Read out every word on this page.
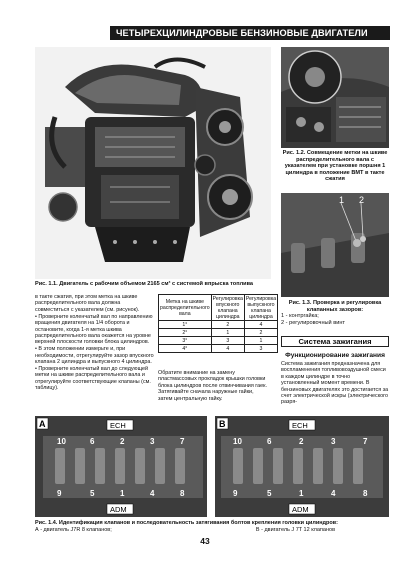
ЧЕТЫРЕХЦИЛИНДРОВЫЕ БЕНЗИНОВЫЕ ДВИГАТЕЛИ
Рис. 1.1. Двигатель с рабочим объемом 2165 см³ с системой впрыска топлива
Рис. 1.2. Совмещение метки на шкиве распределительного вала с указателем при установке поршня 1 цилиндра в положение ВМТ в такте сжатия
1 2
Рис. 1.3. Проверка и регулировка клапанных зазоров:
1 - контргайка;
2 - регулировочный винт

в такте сжатия, при этом метка на шкиве распределительного вала должна совместиться с указателем (см. рисунок).

• Проверните коленчатый вал по направлению вращения двигателя на 1/4 оборота и остановите, когда 1-я метка шкива распределительного вала окажется на уровне верхней плоскости головки блока цилиндров.

• В этом положении измерьте и, при необходимости, отрегулируйте зазор впускного клапана 2 цилиндра и выпускного 4 цилиндра.

• Проверните коленчатый вал до следующей метки на шкиве распределительного вала и отрегулируйте соответствующие клапаны (см. таблицу).

Метка на шкиве распределительного вала	Регулировка впускного клапана цилиндра	Регулировка выпускного клапана цилиндра
1°	2	4
2°	1	2
3°	3	1
4°	4	3
Обратите внимание на замену пластмассовых прокладок крышки головки блока цилиндров после отвинчивания гаек. Затягивайте сначала наружные гайки, затем центральную гайку.
Система зажигания
Функционирование зажигания
Система зажигания предназначена для воспламенения топливовоздушной смеси в каждом цилиндре в точно установленный момент времени. В бензиновых двигателях это достигается за счет электрической искры (электрического разря-
A	ECH
ADM
10	6	2	3	7
9	5	1	4	8
B	ECH
ADM
10	6	2	3	7
9	5	1	4	8
Рис. 1.4. Идентификация клапанов и последовательность затягивания болтов крепления головки цилиндров:
А - двигатель J7R 8 клапанов;	В - двигатель J 7T 12 клапанов
43
